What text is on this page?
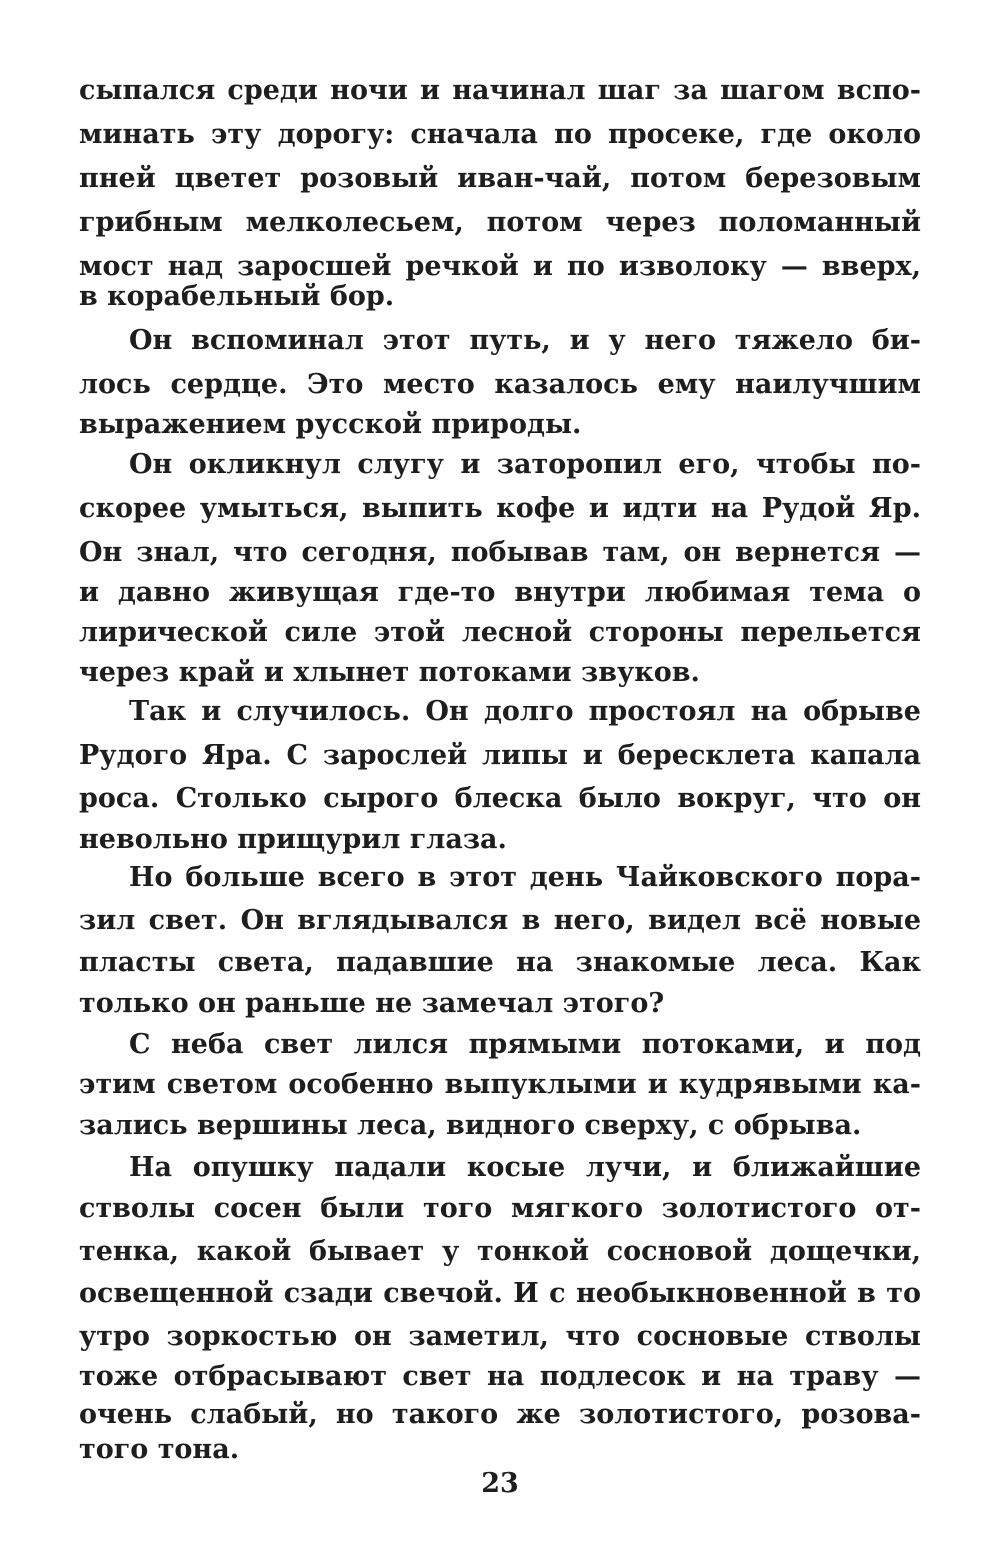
сыпался среди ночи и начинал шаг за шагом вспо-
минать эту дорогу: сначала по просеке, где около
пней цветет розовый иван-чай, потом березовым
грибным мелколесьем, потом через поломанный
мост над заросшей речкой и по изволоку — вверх,
в корабельный бор.
Он вспоминал этот путь, и у него тяжело би-
лось сердце. Это место казалось ему наилучшим
выражением русской природы.
Он окликнул слугу и заторопил его, чтобы по-
скорее умыться, выпить кофе и идти на Рудой Яр.
Он знал, что сегодня, побывав там, он вернется —
и давно живущая где-то внутри любимая тема о
лирической силе этой лесной стороны перельется
через край и хлынет потоками звуков.
Так и случилось. Он долго простоял на обрыве
Рудого Яра. С зарослей липы и бересклета капала
роса. Столько сырого блеска было вокруг, что он
невольно прищурил глаза.
Но больше всего в этот день Чайковского пора-
зил свет. Он вглядывался в него, видел всё новые
пласты света, падавшие на знакомые леса. Как
только он раньше не замечал этого?
С неба свет лился прямыми потоками, и под
этим светом особенно выпуклыми и кудрявыми ка-
зались вершины леса, видного сверху, с обрыва.
На опушку падали косые лучи, и ближайшие
стволы сосен были того мягкого золотистого от-
тенка, какой бывает у тонкой сосновой дощечки,
освещенной сзади свечой. И с необыкновенной в то
утро зоркостью он заметил, что сосновые стволы
тоже отбрасывают свет на подлесок и на траву —
очень слабый, но такого же золотистого, розова-
того тона.
23
